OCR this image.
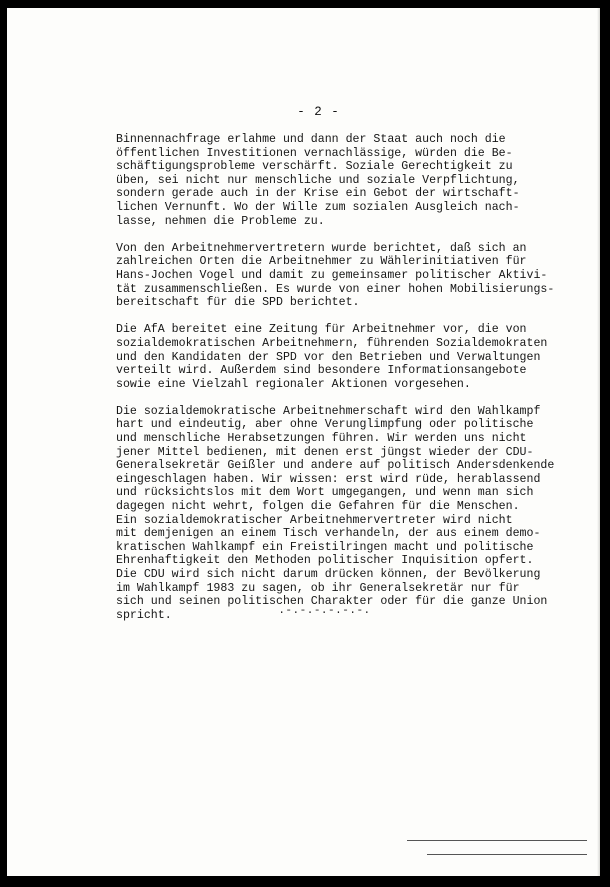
- 2 -
Binnennachfrage erlahme und dann der Staat auch noch die
öffentlichen Investitionen vernachlässige, würden die Be-
schäftigungsprobleme verschärft. Soziale Gerechtigkeit zu
üben, sei nicht nur menschliche und soziale Verpflichtung,
sondern gerade auch in der Krise ein Gebot der wirtschaft-
lichen Vernunft. Wo der Wille zum sozialen Ausgleich nach-
lasse, nehmen die Probleme zu.
Von den Arbeitnehmervertretern wurde berichtet, daß sich an
zahlreichen Orten die Arbeitnehmer zu Wählerinitiativen für
Hans-Jochen Vogel und damit zu gemeinsamer politischer Aktivi-
tät zusammenschließen. Es wurde von einer hohen Mobilisierungs-
bereitschaft für die SPD berichtet.
Die AfA bereitet eine Zeitung für Arbeitnehmer vor, die von
sozialdemokratischen Arbeitnehmern, führenden Sozialdemokraten
und den Kandidaten der SPD vor den Betrieben und Verwaltungen
verteilt wird. Außerdem sind besondere Informationsangebote
sowie eine Vielzahl regionaler Aktionen vorgesehen.
Die sozialdemokratische Arbeitnehmerschaft wird den Wahlkampf
hart und eindeutig, aber ohne Verunglimpfung oder politische
und menschliche Herabsetzungen führen. Wir werden uns nicht
jener Mittel bedienen, mit denen erst jüngst wieder der CDU-
Generalsekretär Geißler und andere auf politisch Andersdenkende
eingeschlagen haben. Wir wissen: erst wird rüde, herablassend
und rücksichtslos mit dem Wort umgegangen, und wenn man sich
dagegen nicht wehrt, folgen die Gefahren für die Menschen.
Ein sozialdemokratischer Arbeitnehmervertreter wird nicht
mit demjenigen an einem Tisch verhandeln, der aus einem demo-
kratischen Wahlkampf ein Freistilringen macht und politische
Ehrenhaftigkeit den Methoden politischer Inquisition opfert.
Die CDU wird sich nicht darum drücken können, der Bevölkerung
im Wahlkampf 1983 zu sagen, ob ihr Generalsekretär nur für
sich und seinen politischen Charakter oder für die ganze Union
spricht.	.-.-.-.-.-.-.
